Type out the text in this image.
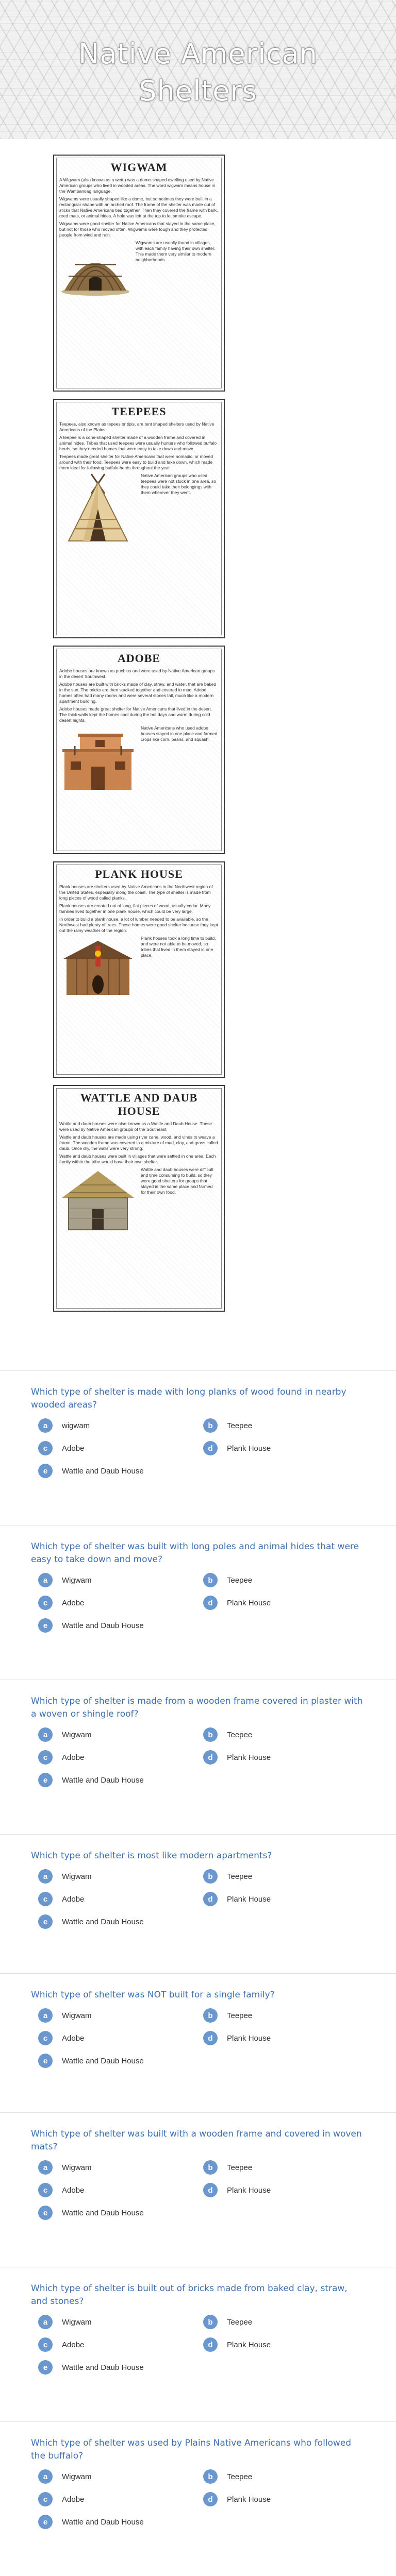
Native American
Shelters
WIGWAM

A Wigwam (also known as a wetu) was a dome-shaped dwelling used by Native American groups who lived in wooded areas. The word wigwam means house in the Wampanoag language.

Wigwams were usually shaped like a dome, but sometimes they were built in a rectangular shape with an arched roof. The frame of the shelter was made out of sticks that Native Americans tied together. Then they covered the frame with bark, reed mats, or animal hides. A hole was left at the top to let smoke escape.

Wigwams were good shelter for Native Americans that stayed in the same place, but not for those who moved often. Wigwams were tough and they protected people from wind and rain.

Wigwams are usually found in villages, with each family having their own shelter. This made them very similar to modern neighborhoods.

TEEPEES

Teepees, also known as tepees or tipis, are tent shaped shelters used by Native Americans of the Plains.

A teepee is a cone-shaped shelter made of a wooden frame and covered in animal hides. Tribes that used teepees were usually hunters who followed buffalo herds, so they needed homes that were easy to take down and move.

Teepees made great shelter for Native Americans that were nomadic, or moved around with their food. Teepees were easy to build and take down, which made them ideal for following buffalo herds throughout the year.

Native American groups who used teepees were not stuck in one area, so they could take their belongings with them wherever they went.

ADOBE

Adobe houses are known as pueblos and were used by Native American groups in the desert Southwest.

Adobe houses are built with bricks made of clay, straw, and water, that are baked in the sun. The bricks are then stacked together and covered in mud. Adobe homes often had many rooms and were several stories tall, much like a modern apartment building.

Adobe houses made great shelter for Native Americans that lived in the desert. The thick walls kept the homes cool during the hot days and warm during cold desert nights.

Native Americans who used adobe houses stayed in one place and farmed crops like corn, beans, and squash.

PLANK HOUSE

Plank houses are shelters used by Native Americans in the Northwest region of the United States, especially along the coast. The type of shelter is made from long pieces of wood called planks.

Plank houses are created out of long, flat pieces of wood, usually cedar. Many families lived together in one plank house, which could be very large.

In order to build a plank house, a lot of lumber needed to be available, so the Northwest had plenty of trees. These homes were good shelter because they kept out the rainy weather of the region.

Plank houses took a long time to build, and were not able to be moved, so tribes that lived in them stayed in one place.

WATTLE AND DAUB HOUSE

Wattle and daub houses were also known as a Wattle and Daub House. These were used by Native American groups of the Southeast.

Wattle and daub houses are made using river cane, wood, and vines to weave a frame. The wooden frame was covered in a mixture of mud, clay, and grass called daub. Once dry, the walls were very strong.

Wattle and daub houses were built in villages that were settled in one area. Each family within the tribe would have their own shelter.

Wattle and daub houses were difficult and time consuming to build, so they were good shelters for groups that stayed in the same place and farmed for their own food.

Which type of shelter is made with long planks of wood found in nearby wooded areas?
a	wigwam	b	Teepee
c	Adobe	d	Plank House
e	Wattle and Daub House
Which type of shelter was built with long poles and animal hides that were easy to take down and move?
a	Wigwam	b	Teepee
c	Adobe	d	Plank House
e	Wattle and Daub House
Which type of shelter is made from a wooden frame covered in plaster with a woven or shingle roof?
a	Wigwam	b	Teepee
c	Adobe	d	Plank House
e	Wattle and Daub House
Which type of shelter is most like modern apartments?
a	Wigwam	b	Teepee
c	Adobe	d	Plank House
e	Wattle and Daub House
Which type of shelter was NOT built for a single family?
a	Wigwam	b	Teepee
c	Adobe	d	Plank House
e	Wattle and Daub House
Which type of shelter was built with a wooden frame and covered in woven mats?
a	Wigwam	b	Teepee
c	Adobe	d	Plank House
e	Wattle and Daub House
Which type of shelter is built out of bricks made from baked clay, straw, and stones?
a	Wigwam	b	Teepee
c	Adobe	d	Plank House
e	Wattle and Daub House
Which type of shelter was used by Plains Native Americans who followed the buffalo?
a	Wigwam	b	Teepee
c	Adobe	d	Plank House
e	Wattle and Daub House
